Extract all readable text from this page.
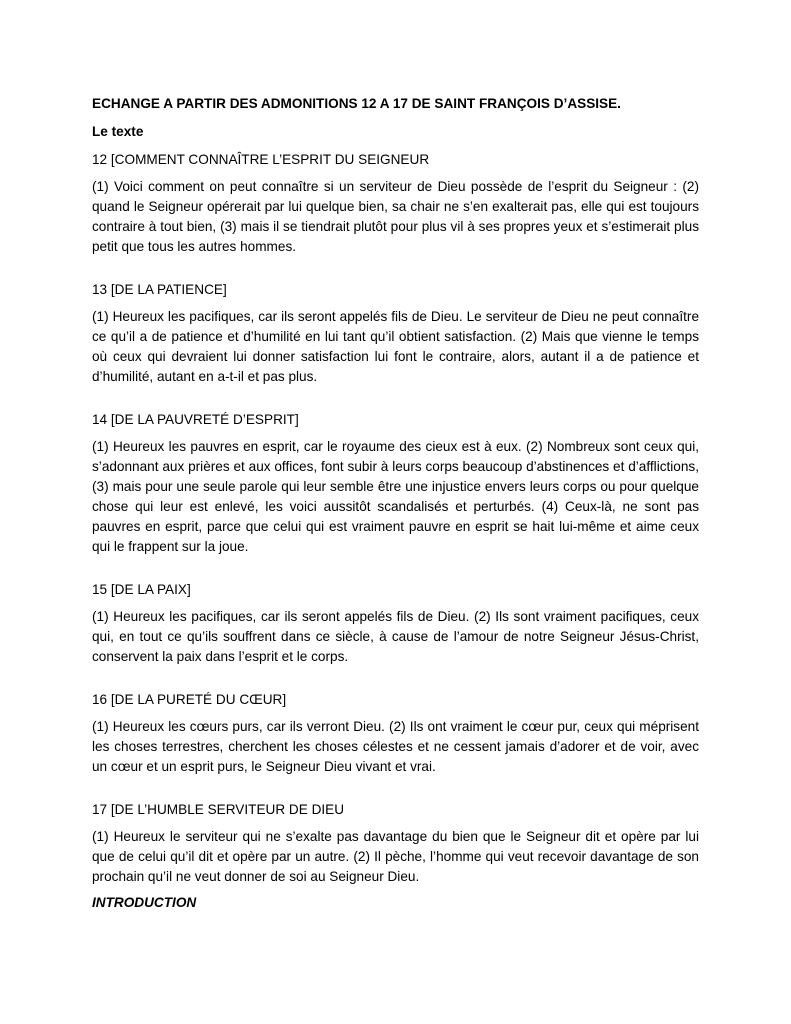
ECHANGE A PARTIR DES ADMONITIONS 12 A 17 DE SAINT FRANÇOIS D’ASSISE.

Le texte

12 [COMMENT CONNAÎTRE L’ESPRIT DU SEIGNEUR

(1) Voici comment on peut connaître si un serviteur de Dieu possède de l’esprit du Seigneur : (2) quand le Seigneur opérerait par lui quelque bien, sa chair ne s’en exalterait pas, elle qui est toujours contraire à tout bien, (3) mais il se tiendrait plutôt pour plus vil à ses propres yeux et s’estimerait plus petit que tous les autres hommes.

13 [DE LA PATIENCE]

(1) Heureux les pacifiques, car ils seront appelés fils de Dieu. Le serviteur de Dieu ne peut connaître ce qu’il a de patience et d’humilité en lui tant qu’il obtient satisfaction. (2) Mais que vienne le temps où ceux qui devraient lui donner satisfaction lui font le contraire, alors, autant il a de patience et d’humilité, autant en a-t-il et pas plus.

14 [DE LA PAUVRETÉ D’ESPRIT]

(1) Heureux les pauvres en esprit, car le royaume des cieux est à eux. (2) Nombreux sont ceux qui, s’adonnant aux prières et aux offices, font subir à leurs corps beaucoup d’abstinences et d’afflictions, (3) mais pour une seule parole qui leur semble être une injustice envers leurs corps ou pour quelque chose qui leur est enlevé, les voici aussitôt scandalisés et perturbés. (4) Ceux-là, ne sont pas pauvres en esprit, parce que celui qui est vraiment pauvre en esprit se hait lui-même et aime ceux qui le frappent sur la joue.

15 [DE LA PAIX]

(1) Heureux les pacifiques, car ils seront appelés fils de Dieu. (2) Ils sont vraiment pacifiques, ceux qui, en tout ce qu’ils souffrent dans ce siècle, à cause de l’amour de notre Seigneur Jésus-Christ, conservent la paix dans l’esprit et le corps.

16 [DE LA PURETÉ DU CŒUR]

(1) Heureux les cœurs purs, car ils verront Dieu. (2) Ils ont vraiment le cœur pur, ceux qui méprisent les choses terrestres, cherchent les choses célestes et ne cessent jamais d’adorer et de voir, avec un cœur et un esprit purs, le Seigneur Dieu vivant et vrai.

17 [DE L’HUMBLE SERVITEUR DE DIEU

(1) Heureux le serviteur qui ne s’exalte pas davantage du bien que le Seigneur dit et opère par lui que de celui qu’il dit et opère par un autre. (2) Il pèche, l’homme qui veut recevoir davantage de son prochain qu’il ne veut donner de soi au Seigneur Dieu.

INTRODUCTION
